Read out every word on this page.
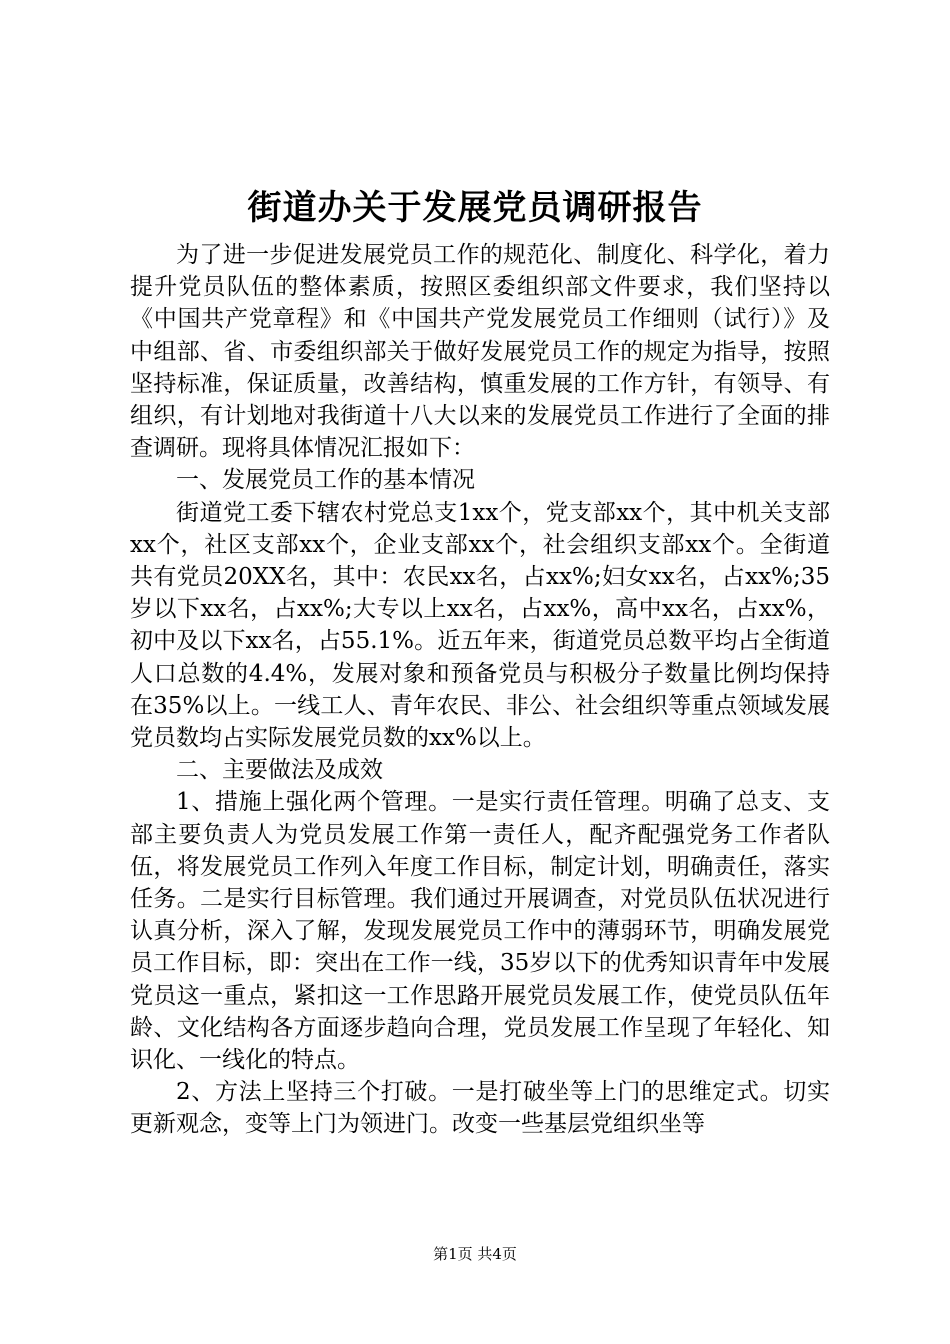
街道办关于发展党员调研报告

为了进一步促进发展党员工作的规范化、制度化、科学化，着力提升党员队伍的整体素质，按照区委组织部文件要求，我们坚持以《中国共产党章程》和《中国共产党发展党员工作细则（试行）》及中组部、省、市委组织部关于做好发展党员工作的规定为指导，按照坚持标准，保证质量，改善结构，慎重发展的工作方针，有领导、有组织，有计划地对我街道十八大以来的发展党员工作进行了全面的排查调研。现将具体情况汇报如下：

一、发展党员工作的基本情况

街道党工委下辖农村党总支1xx个，党支部xx个，其中机关支部xx个，社区支部xx个，企业支部xx个，社会组织支部xx个。全街道共有党员20XX名，其中：农民xx名，占xx%;妇女xx名，占xx%;35岁以下xx名，占xx%;大专以上xx名，占xx%，高中xx名，占xx%，初中及以下xx名，占55.1%。近五年来，街道党员总数平均占全街道人口总数的4.4%，发展对象和预备党员与积极分子数量比例均保持在35%以上。一线工人、青年农民、非公、社会组织等重点领域发展党员数均占实际发展党员数的xx%以上。

二、主要做法及成效

1、措施上强化两个管理。一是实行责任管理。明确了总支、支部主要负责人为党员发展工作第一责任人，配齐配强党务工作者队伍，将发展党员工作列入年度工作目标，制定计划，明确责任，落实任务。二是实行目标管理。我们通过开展调查，对党员队伍状况进行认真分析，深入了解，发现发展党员工作中的薄弱环节，明确发展党员工作目标，即：突出在工作一线，35岁以下的优秀知识青年中发展党员这一重点，紧扣这一工作思路开展党员发展工作，使党员队伍年龄、文化结构各方面逐步趋向合理，党员发展工作呈现了年轻化、知识化、一线化的特点。

2、方法上坚持三个打破。一是打破坐等上门的思维定式。切实更新观念，变等上门为领进门。改变一些基层党组织坐等

第1页 共4页
